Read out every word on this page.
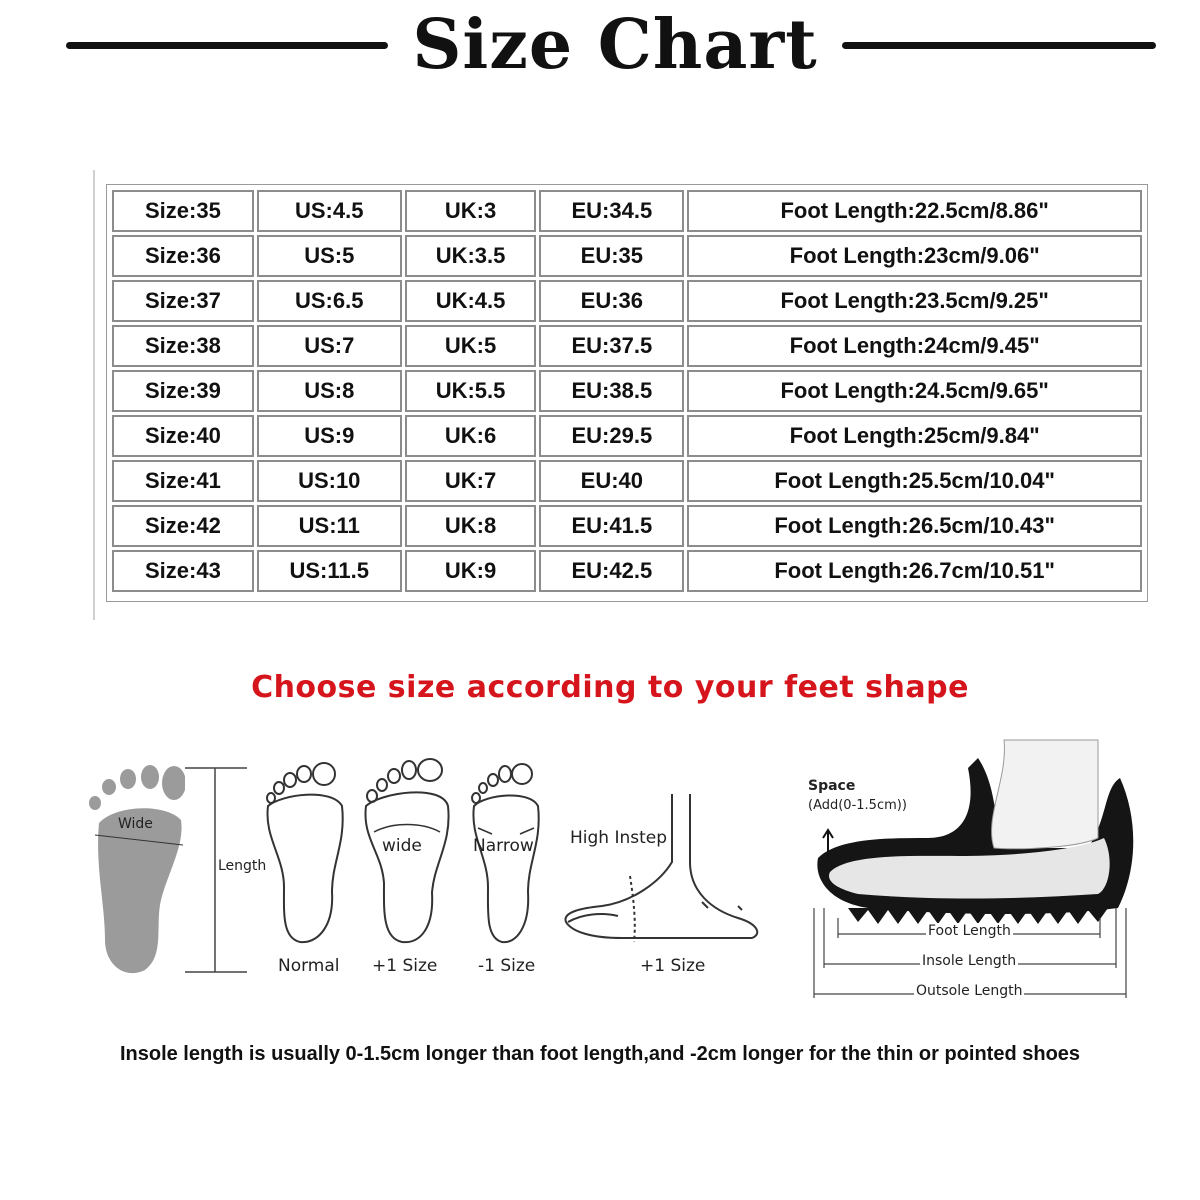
Size Chart
Size:35	US:4.5	UK:3	EU:34.5	Foot Length:22.5cm/8.86"
Size:36	US:5	UK:3.5	EU:35	Foot Length:23cm/9.06"
Size:37	US:6.5	UK:4.5	EU:36	Foot Length:23.5cm/9.25"
Size:38	US:7	UK:5	EU:37.5	Foot Length:24cm/9.45"
Size:39	US:8	UK:5.5	EU:38.5	Foot Length:24.5cm/9.65"
Size:40	US:9	UK:6	EU:29.5	Foot Length:25cm/9.84"
Size:41	US:10	UK:7	EU:40	Foot Length:25.5cm/10.04"
Size:42	US:11	UK:8	EU:41.5	Foot Length:26.5cm/10.43"
Size:43	US:11.5	UK:9	EU:42.5	Foot Length:26.7cm/10.51"
Choose size according to your feet shape
Wide
Length
wide	Narrow
Normal +1 Size -1 Size
High Instep
+1 Size
Space
(Add(0-1.5cm))
Foot Length
Insole Length
Outsole Length
Insole length is usually 0-1.5cm longer than foot length,and -2cm longer for the thin or pointed shoes
